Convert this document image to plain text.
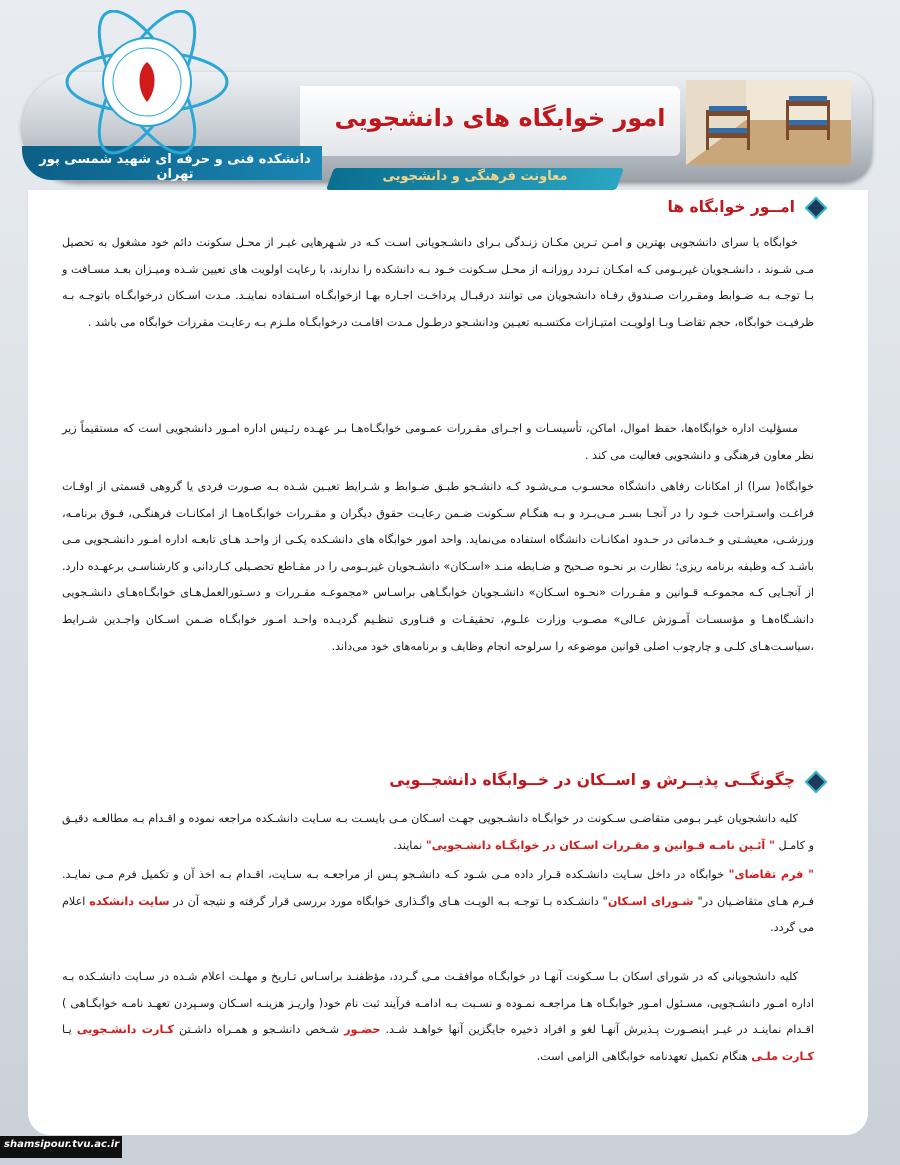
امور خوابگاه های دانشجویی
دانشکده فنی و حرفه ای شهید شمسی پور تهران	معاونت فرهنگی و دانشجویی
امــور خوابگاه ها
خوابگاه یا سرای دانشجویی بهترین و امـن تـرین مکـان زنـدگی بـرای دانشـجویانی اسـت کـه در شـهرهایی غیـر از محـل سکونت دائم خود مشغول به تحصیل مـی شـوند ، دانشـجویان غیربـومی کـه امکـان تـردد روزانـه از محـل سـکونت خـود بـه دانشکده را ندارند، با رعایت اولویت های تعیین شـده ومیـزان بعـد مسـافت و بـا توجـه بـه ضـوابط ومقـررات صـندوق رفـاه دانشجویان می توانند درقبـال پرداخـت اجـاره بهـا ازخوابگـاه اسـتفاده نماینـد. مـدت اسـکان درخوابگـاه باتوجـه بـه ظرفیـت خوابگاه، حجم تقاضـا وبـا اولویـت امتیـازات مکتسـبه تعیـین ودانشـجو درطـول مـدت اقامـت درخوابگـاه ملـزم بـه رعایـت مقررات خوابگاه می باشد .
مسؤلیت اداره خوابگاه‌ها، حفظ اموال، اماکن، تأسیسـات و اجـرای مقـررات عمـومی خوابگـاه‌هـا بـر عهـده رئـیس اداره امـور دانشجویی است که مستقیماً زیر نظر معاون فرهنگی و دانشجویی فعالیت می کند .
خوابگاه( سرا) از امکانات رفاهی دانشگاه محسـوب مـی‌شـود کـه دانشـجو طبـق ضـوابط و شـرایط تعیـین شـده بـه صـورت فردی یا گروهی قسمتی از اوقـات فراغـت واسـتراحت خـود را در آنجـا بسـر مـی‌بـرد و بـه هنگـام سـکونت ضـمن رعایـت حقوق دیگران و مقـررات خوابگـاه‌هـا از امکانـات فرهنگـی، فـوق برنامـه، ورزشـی، معیشـتی و خـدماتی در حـدود امکانـات دانشگاه استفاده می‌نماید. واحد امور خوابگاه های دانشـکده یکـی از واحـد هـای تابعـه اداره امـور دانشـجویی مـی باشـد کـه وظیفه برنامه ریزی؛ نظارت بر نحـوه صـحیح و ضـابطه منـد «اسـکان» دانشـجویان غیربـومی را در مقـاطع تحصـیلی کـاردانی و کارشناسـی برعهـده دارد. از آنجـایی کـه مجموعـه قـوانین و مقـررات «نحـوه اسـکان» دانشـجویان خوابگـاهی براسـاس «مجموعـه مقـررات و دسـتورالعمل‌هـای خوابگـاه‌هـای دانشـجویی دانشـگاه‌هـا و مؤسسـات آمـوزش عـالی» مصـوب وزارت علـوم، تحقیقـات و فنـاوری تنظـیم گردیـده واحـد امـور خوابگـاه ضـمن اسـکان واجـدین شـرایط ،سیاسـت‌هـای کلـی و چارچوب اصلی قوانین موضوعه را سرلوحه انجام وظایف و برنامه‌های خود می‌داند.
چگونگــی پذیــرش و اســکان در خــوابگاه دانشجــویی
کلیه دانشجویان غیـر بـومی متقاضـی سـکونت در خوابگـاه دانشـجویی جهـت اسـکان مـی بایسـت بـه سـایت دانشـکده مراجعه نموده و اقـدام بـه مطالعـه دقیـق و کامـل " آئـین نامـه قـوانین و مقـررات اسـکان در خوابگـاه دانشـجویی" نمایند.
" فرم تقاضای" خوابگاه در داخل سـایت دانشـکده قـرار داده مـی شـود کـه دانشـجو پـس از مراجعـه بـه سـایت، اقـدام بـه اخذ آن و تکمیل فرم مـی نمایـد. فـرم هـای متقاضـیان در" شـورای اسـکان" دانشـکده بـا توجـه بـه الویـت هـای واگـذاری خوابگاه مورد بررسی قرار گرفته و نتیجه آن در سایت دانشکده اعلام می گردد.
کلیه دانشجویانی که در شورای اسکان بـا سـکونت آنهـا در خوابگـاه موافقـت مـی گـردد، مؤظفنـد براسـاس تـاریخ و مهلـت اعلام شـده در سـایت دانشـکده بـه اداره امـور دانشـجویی، مسـئول امـور خوابگـاه هـا مراجعـه نمـوده و نسـبت بـه ادامـه فرآیند ثبت نام خود( واریـز هزینـه اسـکان وسـپردن تعهـد نامـه خوابگـاهی ) اقـدام نماینـد در غیـر اینصـورت پـذیرش آنهـا لغو و افراد ذخیره جایگزین آنها خواهـد شـد. حضـور شـخص دانشـجو و همـراه داشـتن کـارت دانشـجویی یـا کـارت ملـی هنگام تکمیل تعهدنامه خوابگاهی الزامی است.
shamsipour.tvu.ac.ir
